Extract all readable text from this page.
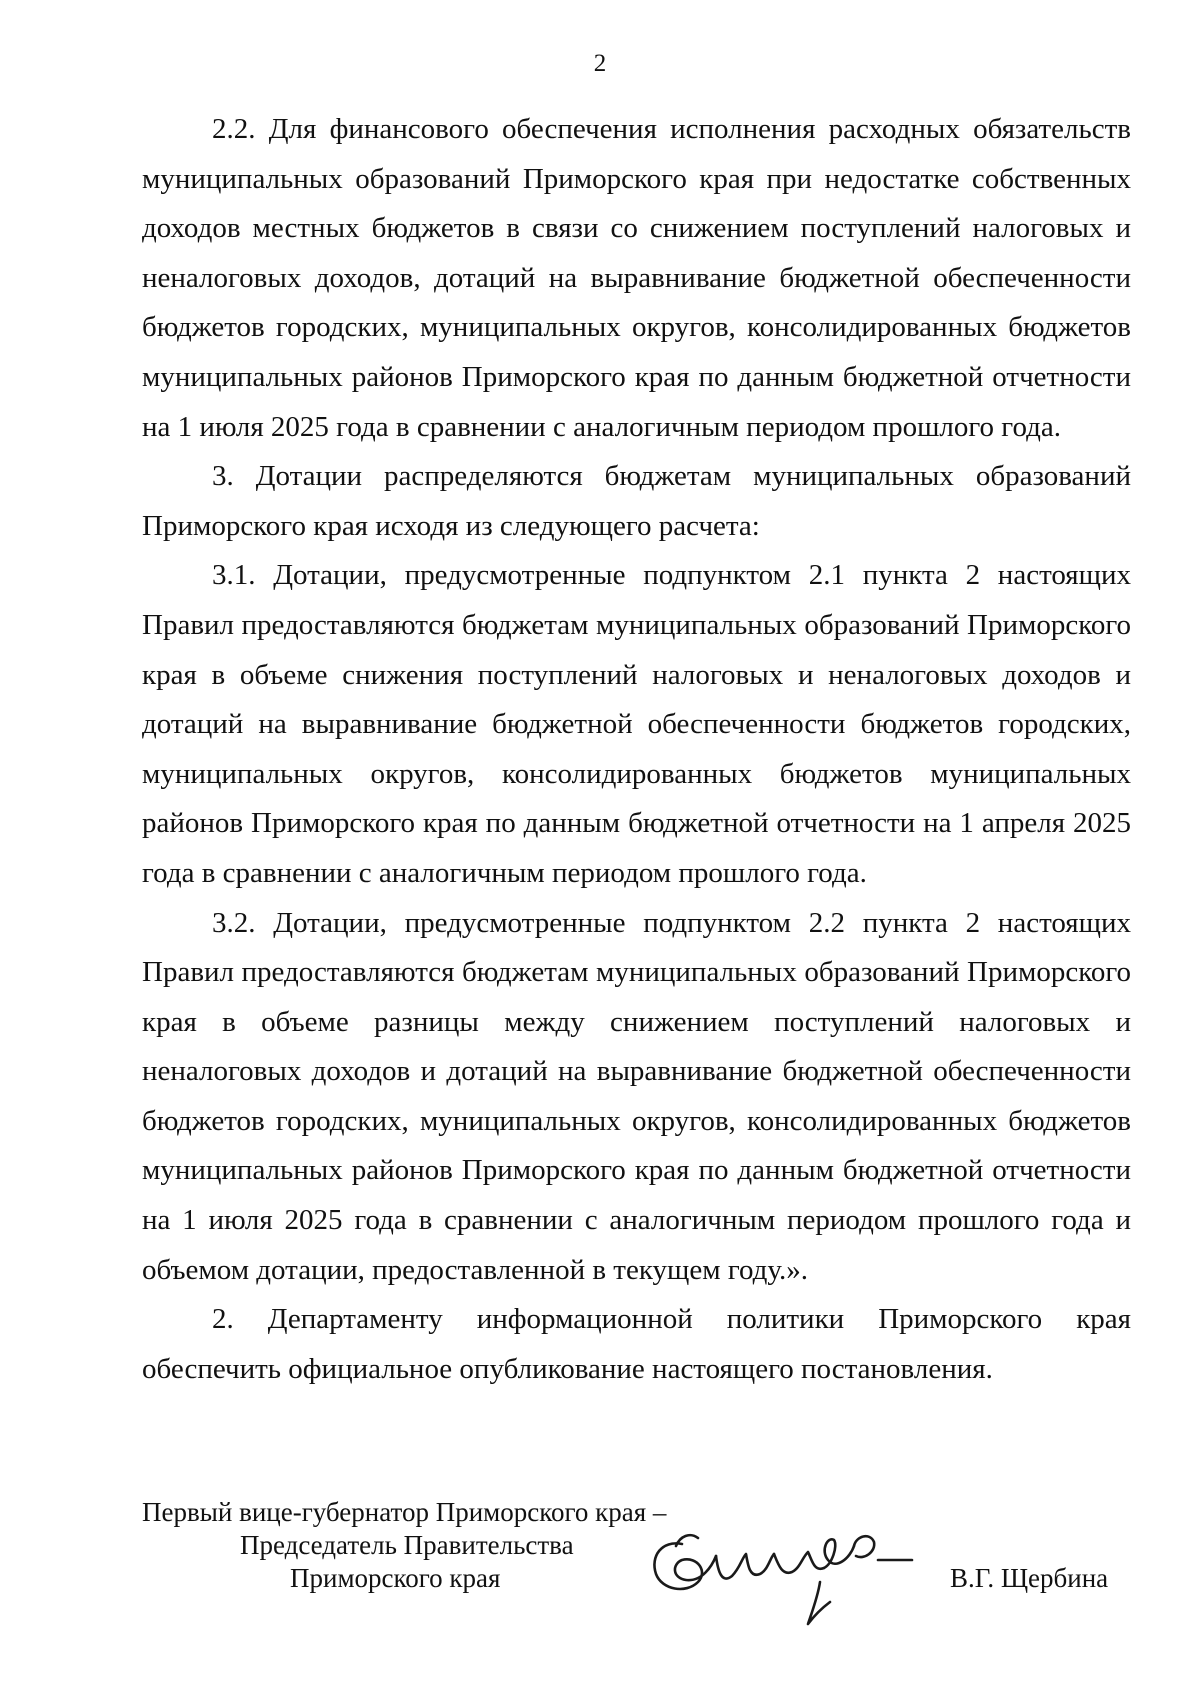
2

2.2. Для финансового обеспечения исполнения расходных обязательств муниципальных образований Приморского края при недостатке собственных доходов местных бюджетов в связи со снижением поступлений налоговых и неналоговых доходов, дотаций на выравнивание бюджетной обеспеченности бюджетов городских, муниципальных округов, консолидированных бюджетов муниципальных районов Приморского края по данным бюджетной отчетности на 1 июля 2025 года в сравнении с аналогичным периодом прошлого года.

3. Дотации распределяются бюджетам муниципальных образований Приморского края исходя из следующего расчета:

3.1. Дотации, предусмотренные подпунктом 2.1 пункта 2 настоящих Правил предоставляются бюджетам муниципальных образований Приморского края в объеме снижения поступлений налоговых и неналоговых доходов и дотаций на выравнивание бюджетной обеспеченности бюджетов городских, муниципальных округов, консолидированных бюджетов муниципальных районов Приморского края по данным бюджетной отчетности на 1 апреля 2025 года в сравнении с аналогичным периодом прошлого года.

3.2. Дотации, предусмотренные подпунктом 2.2 пункта 2 настоящих Правил предоставляются бюджетам муниципальных образований Приморского края в объеме разницы между снижением поступлений налоговых и неналоговых доходов и дотаций на выравнивание бюджетной обеспеченности бюджетов городских, муниципальных округов, консолидированных бюджетов муниципальных районов Приморского края по данным бюджетной отчетности на 1 июля 2025 года в сравнении с аналогичным периодом прошлого года и объемом дотации, предоставленной в текущем году.».

2. Департаменту информационной политики Приморского края обеспечить официальное опубликование настоящего постановления.

Первый вице-губернатор Приморского края –
Председатель Правительства
Приморского края	В.Г. Щербина
